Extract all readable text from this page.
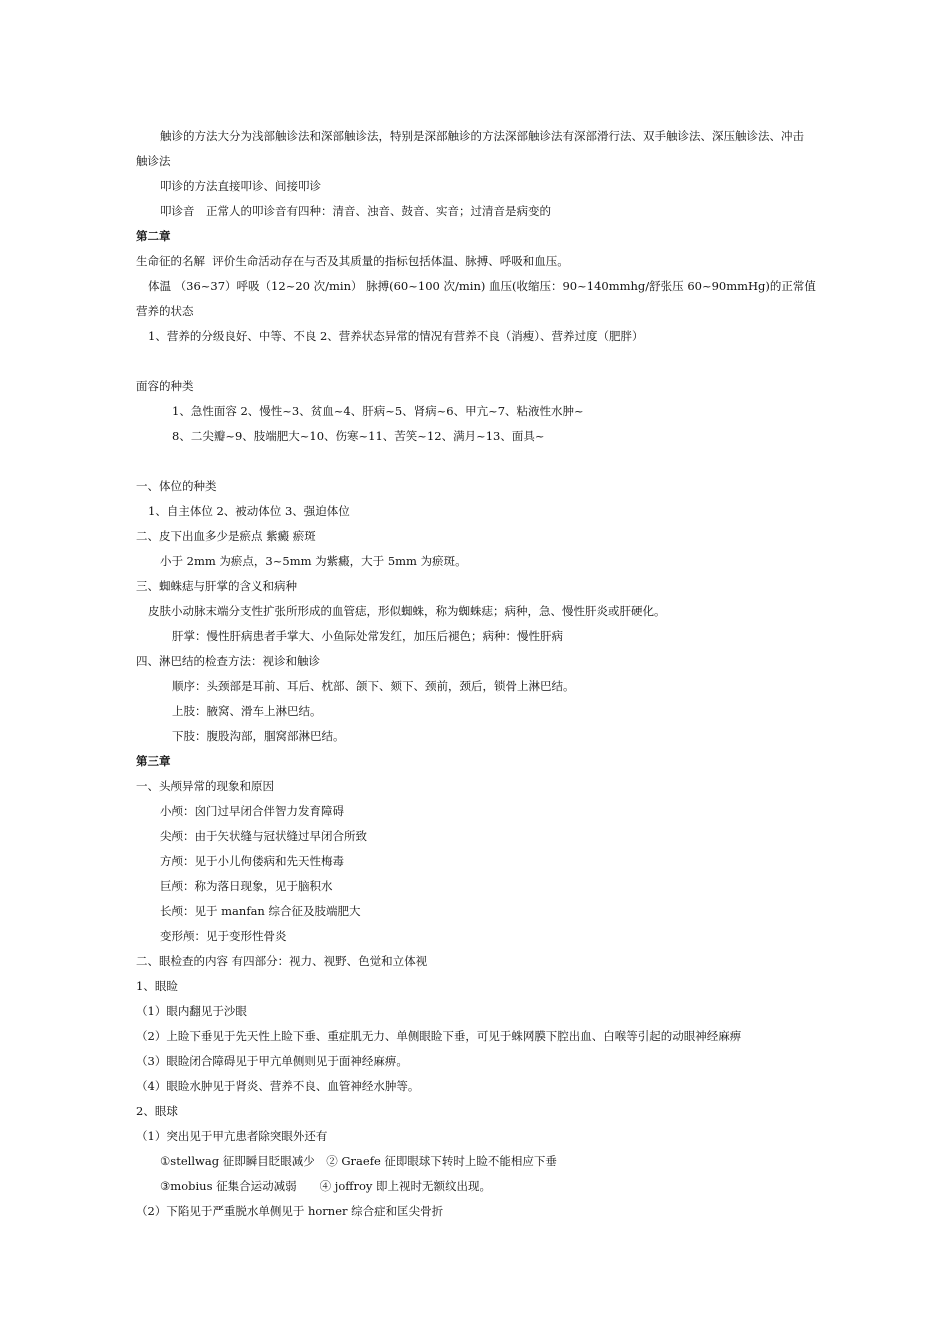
触诊的方法大分为浅部触诊法和深部触诊法，特别是深部触诊的方法深部触诊法有深部滑行法、双手触诊法、深压触诊法、冲击
触诊法
叩诊的方法直接叩诊、间接叩诊
叩诊音　正常人的叩诊音有四种：清音、浊音、鼓音、实音；过清音是病变的
第二章
生命征的名解  评价生命活动存在与否及其质量的指标包括体温、脉搏、呼吸和血压。
体温 （36~37）呼吸（12~20 次/min） 脉搏(60~100 次/min) 血压(收缩压：90~140mmhg/舒张压 60~90mmHg)的正常值
营养的状态
1、营养的分级良好、中等、不良 2、营养状态异常的情况有营养不良（消瘦）、营养过度（肥胖）
面容的种类
1、急性面容 2、慢性~3、贫血~4、肝病~5、肾病~6、甲亢~7、粘液性水肿~
8、二尖瓣~9、肢端肥大~10、伤寒~11、苦笑~12、满月~13、面具~
一、体位的种类
1、自主体位 2、被动体位 3、强迫体位
二、皮下出血多少是瘀点 紫癜 瘀斑
小于 2mm 为瘀点，3~5mm 为紫癜，大于 5mm 为瘀斑。
三、蜘蛛痣与肝掌的含义和病种
皮肤小动脉末端分支性扩张所形成的血管痣，形似蜘蛛，称为蜘蛛痣；病种，急、慢性肝炎或肝硬化。
肝掌：慢性肝病患者手掌大、小鱼际处常发红，加压后褪色；病种：慢性肝病
四、淋巴结的检查方法：视诊和触诊
顺序：头颈部是耳前、耳后、枕部、颌下、颏下、颈前，颈后，锁骨上淋巴结。
上肢：腋窝、滑车上淋巴结。
下肢：腹股沟部，腘窝部淋巴结。
第三章
一、头颅异常的现象和原因
小颅：囟门过早闭合伴智力发育障碍
尖颅：由于矢状缝与冠状缝过早闭合所致
方颅：见于小儿佝偻病和先天性梅毒
巨颅：称为落日现象，见于脑积水
长颅：见于 manfan 综合征及肢端肥大
变形颅：见于变形性骨炎
二、眼检查的内容 有四部分：视力、视野、色觉和立体视
1、眼睑
（1）眼内翻见于沙眼
（2）上睑下垂见于先天性上睑下垂、重症肌无力、单侧眼睑下垂，可见于蛛网膜下腔出血、白喉等引起的动眼神经麻痹
（3）眼睑闭合障碍见于甲亢单侧则见于面神经麻痹。
（4）眼睑水肿见于肾炎、营养不良、血管神经水肿等。
2、眼球
（1）突出见于甲亢患者除突眼外还有
①stellwag 征即瞬目眨眼减少　② Graefe 征即眼球下转时上睑不能相应下垂
③mobius 征集合运动减弱　　④ joffroy 即上视时无额纹出现。
（2）下陷见于严重脱水单侧见于 horner 综合症和匡尖骨折
